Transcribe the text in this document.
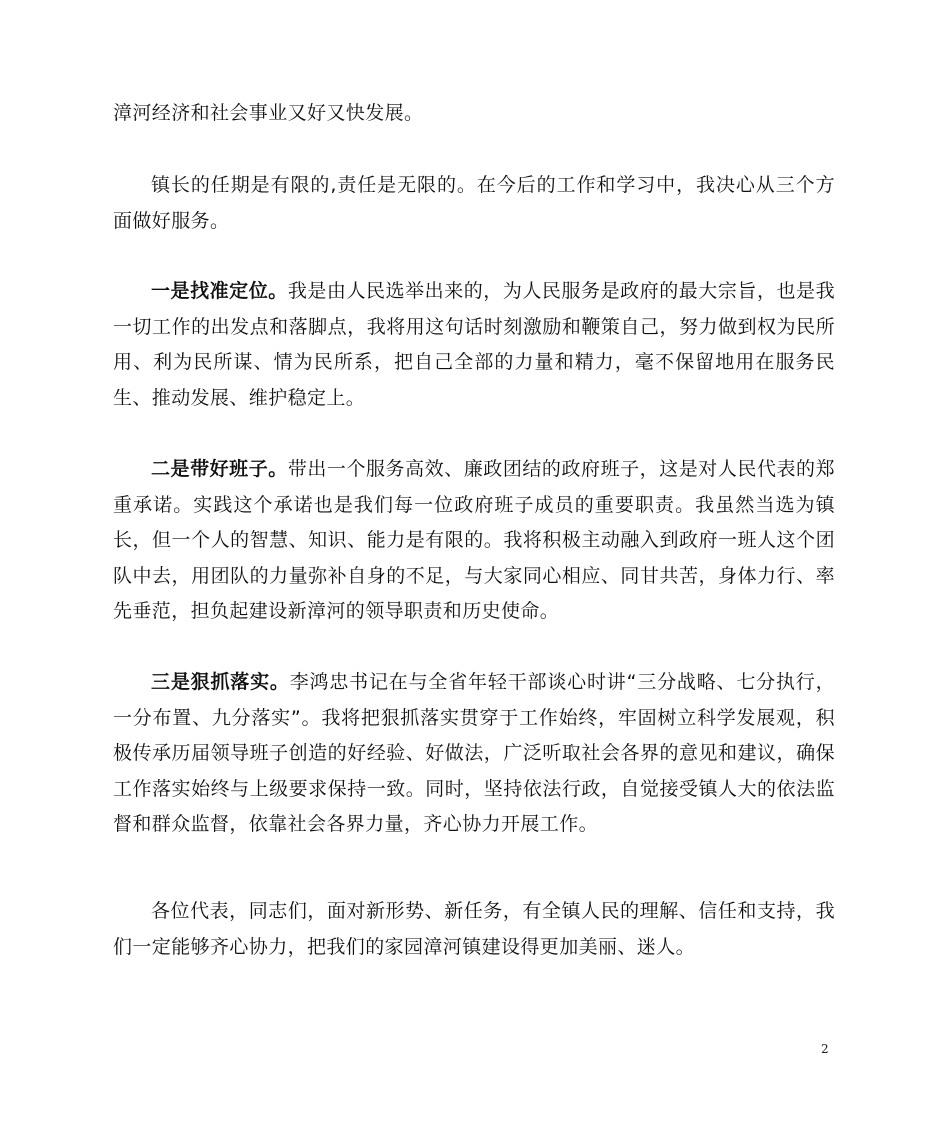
漳河经济和社会事业又好又快发展。

镇长的任期是有限的,责任是无限的。在今后的工作和学习中，我决心从三个方面做好服务。

一是找准定位。我是由人民选举出来的，为人民服务是政府的最大宗旨，也是我一切工作的出发点和落脚点，我将用这句话时刻激励和鞭策自己，努力做到权为民所用、利为民所谋、情为民所系，把自己全部的力量和精力，毫不保留地用在服务民生、推动发展、维护稳定上。

二是带好班子。带出一个服务高效、廉政团结的政府班子，这是对人民代表的郑重承诺。实践这个承诺也是我们每一位政府班子成员的重要职责。我虽然当选为镇长，但一个人的智慧、知识、能力是有限的。我将积极主动融入到政府一班人这个团队中去，用团队的力量弥补自身的不足，与大家同心相应、同甘共苦，身体力行、率先垂范，担负起建设新漳河的领导职责和历史使命。

三是狠抓落实。李鸿忠书记在与全省年轻干部谈心时讲“三分战略、七分执行，一分布置、九分落实”。我将把狠抓落实贯穿于工作始终，牢固树立科学发展观，积极传承历届领导班子创造的好经验、好做法，广泛听取社会各界的意见和建议，确保工作落实始终与上级要求保持一致。同时，坚持依法行政，自觉接受镇人大的依法监督和群众监督，依靠社会各界力量，齐心协力开展工作。

各位代表，同志们，面对新形势、新任务，有全镇人民的理解、信任和支持，我们一定能够齐心协力，把我们的家园漳河镇建设得更加美丽、迷人。

2
